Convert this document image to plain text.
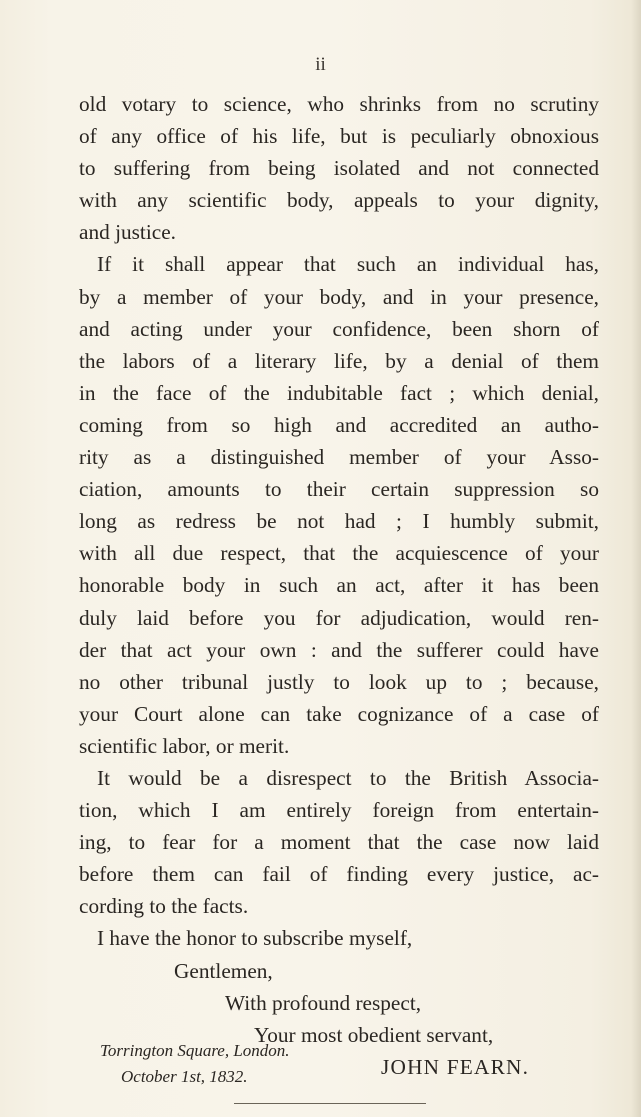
ii
old votary to science, who shrinks from no scrutiny
of any office of his life, but is peculiarly obnoxious
to suffering from being isolated and not connected
with any scientific body, appeals to your dignity,
and justice.
If it shall appear that such an individual has,
by a member of your body, and in your presence,
and acting under your confidence, been shorn of
the labors of a literary life, by a denial of them
in the face of the indubitable fact ; which denial,
coming from so high and accredited an autho-
rity as a distinguished member of your Asso-
ciation, amounts to their certain suppression so
long as redress be not had ; I humbly submit,
with all due respect, that the acquiescence of your
honorable body in such an act, after it has been
duly laid before you for adjudication, would ren-
der that act your own : and the sufferer could have
no other tribunal justly to look up to ; because,
your Court alone can take cognizance of a case of
scientific labor, or merit.
It would be a disrespect to the British Associa-
tion, which I am entirely foreign from entertain-
ing, to fear for a moment that the case now laid
before them can fail of finding every justice, ac-
cording to the facts.
I have the honor to subscribe myself,
Gentlemen,
With profound respect,
Your most obedient servant,
JOHN FEARN.
Torrington Square, London.
October 1st, 1832.
